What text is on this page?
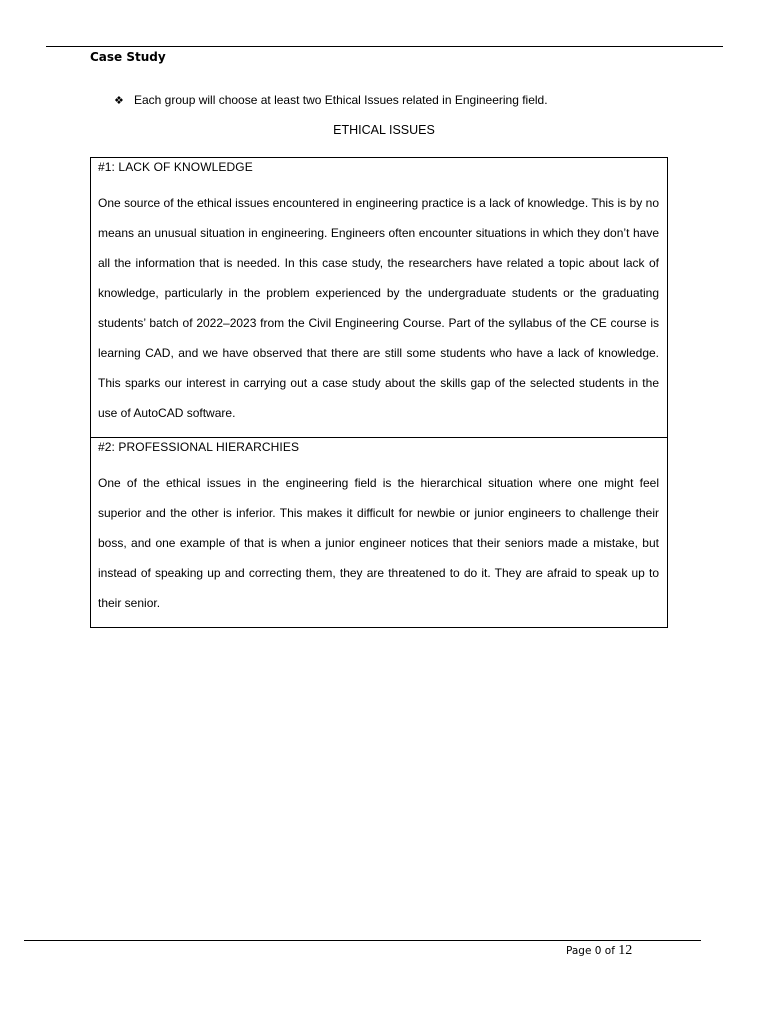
Case Study
❖ Each group will choose at least two Ethical Issues related in Engineering field.
ETHICAL ISSUES

#1: LACK OF KNOWLEDGE

One source of the ethical issues encountered in engineering practice is a lack of knowledge. This is by no means an unusual situation in engineering. Engineers often encounter situations in which they don’t have all the information that is needed. In this case study, the researchers have related a topic about lack of knowledge, particularly in the problem experienced by the undergraduate students or the graduating students’ batch of 2022–2023 from the Civil Engineering Course. Part of the syllabus of the CE course is learning CAD, and we have observed that there are still some students who have a lack of knowledge. This sparks our interest in carrying out a case study about the skills gap of the selected students in the use of AutoCAD software.

#2: PROFESSIONAL HIERARCHIES

One of the ethical issues in the engineering field is the hierarchical situation where one might feel superior and the other is inferior. This makes it difficult for newbie or junior engineers to challenge their boss, and one example of that is when a junior engineer notices that their seniors made a mistake, but instead of speaking up and correcting them, they are threatened to do it. They are afraid to speak up to their senior.

Page 0 of 12
